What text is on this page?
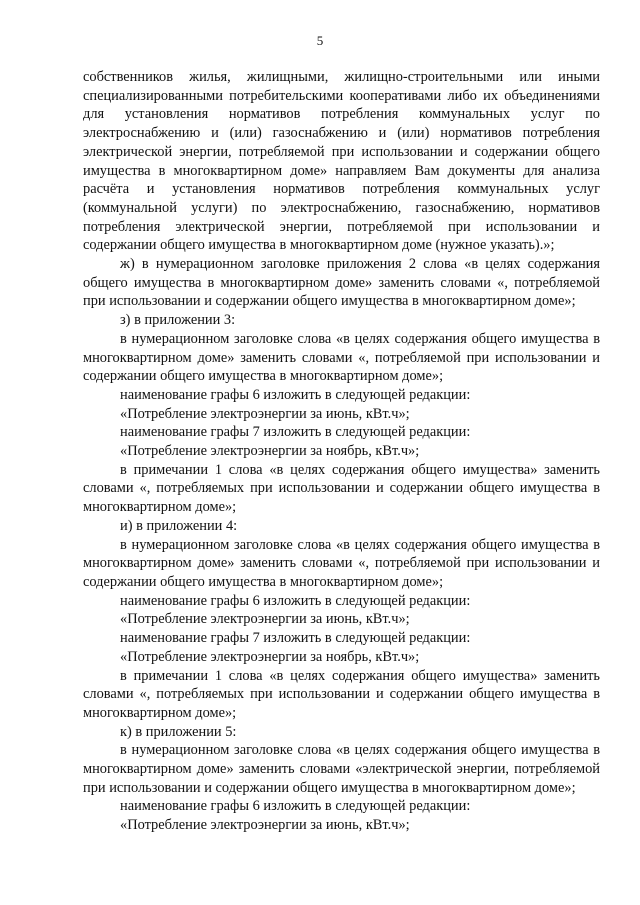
5

собственников жилья, жилищными, жилищно-строительными или иными специализированными потребительскими кооперативами либо их объединениями для установления нормативов потребления коммунальных услуг по электроснабжению и (или) газоснабжению и (или) нормативов потребления электрической энергии, потребляемой при использовании и содержании общего имущества в многоквартирном доме» направляем Вам документы для анализа расчёта и установления нормативов потребления коммунальных услуг (коммунальной услуги) по электроснабжению, газоснабжению, нормативов потребления электрической энергии, потребляемой при использовании и содержании общего имущества в многоквартирном доме (нужное указать).»;

ж) в нумерационном заголовке приложения 2 слова «в целях содержания общего имущества в многоквартирном доме» заменить словами «, потребляемой при использовании и содержании общего имущества в многоквартирном доме»;

з) в приложении 3:

в нумерационном заголовке слова «в целях содержания общего имущества в многоквартирном доме» заменить словами «, потребляемой при использовании и содержании общего имущества в многоквартирном доме»;

наименование графы 6 изложить в следующей редакции:

«Потребление электроэнергии за июнь, кВт.ч»;

наименование графы 7 изложить в следующей редакции:

«Потребление электроэнергии за ноябрь, кВт.ч»;

в примечании 1 слова «в целях содержания общего имущества» заменить словами «, потребляемых при использовании и содержании общего имущества в многоквартирном доме»;

и) в приложении 4:

в нумерационном заголовке слова «в целях содержания общего имущества в многоквартирном доме» заменить словами «, потребляемой при использовании и содержании общего имущества в многоквартирном доме»;

наименование графы 6 изложить в следующей редакции:

«Потребление электроэнергии за июнь, кВт.ч»;

наименование графы 7 изложить в следующей редакции:

«Потребление электроэнергии за ноябрь, кВт.ч»;

в примечании 1 слова «в целях содержания общего имущества» заменить словами «, потребляемых при использовании и содержании общего имущества в многоквартирном доме»;

к) в приложении 5:

в нумерационном заголовке слова «в целях содержания общего имущества в многоквартирном доме» заменить словами «электрической энергии, потребляемой при использовании и содержании общего имущества в многоквартирном доме»;

наименование графы 6 изложить в следующей редакции:

«Потребление электроэнергии за июнь, кВт.ч»;
